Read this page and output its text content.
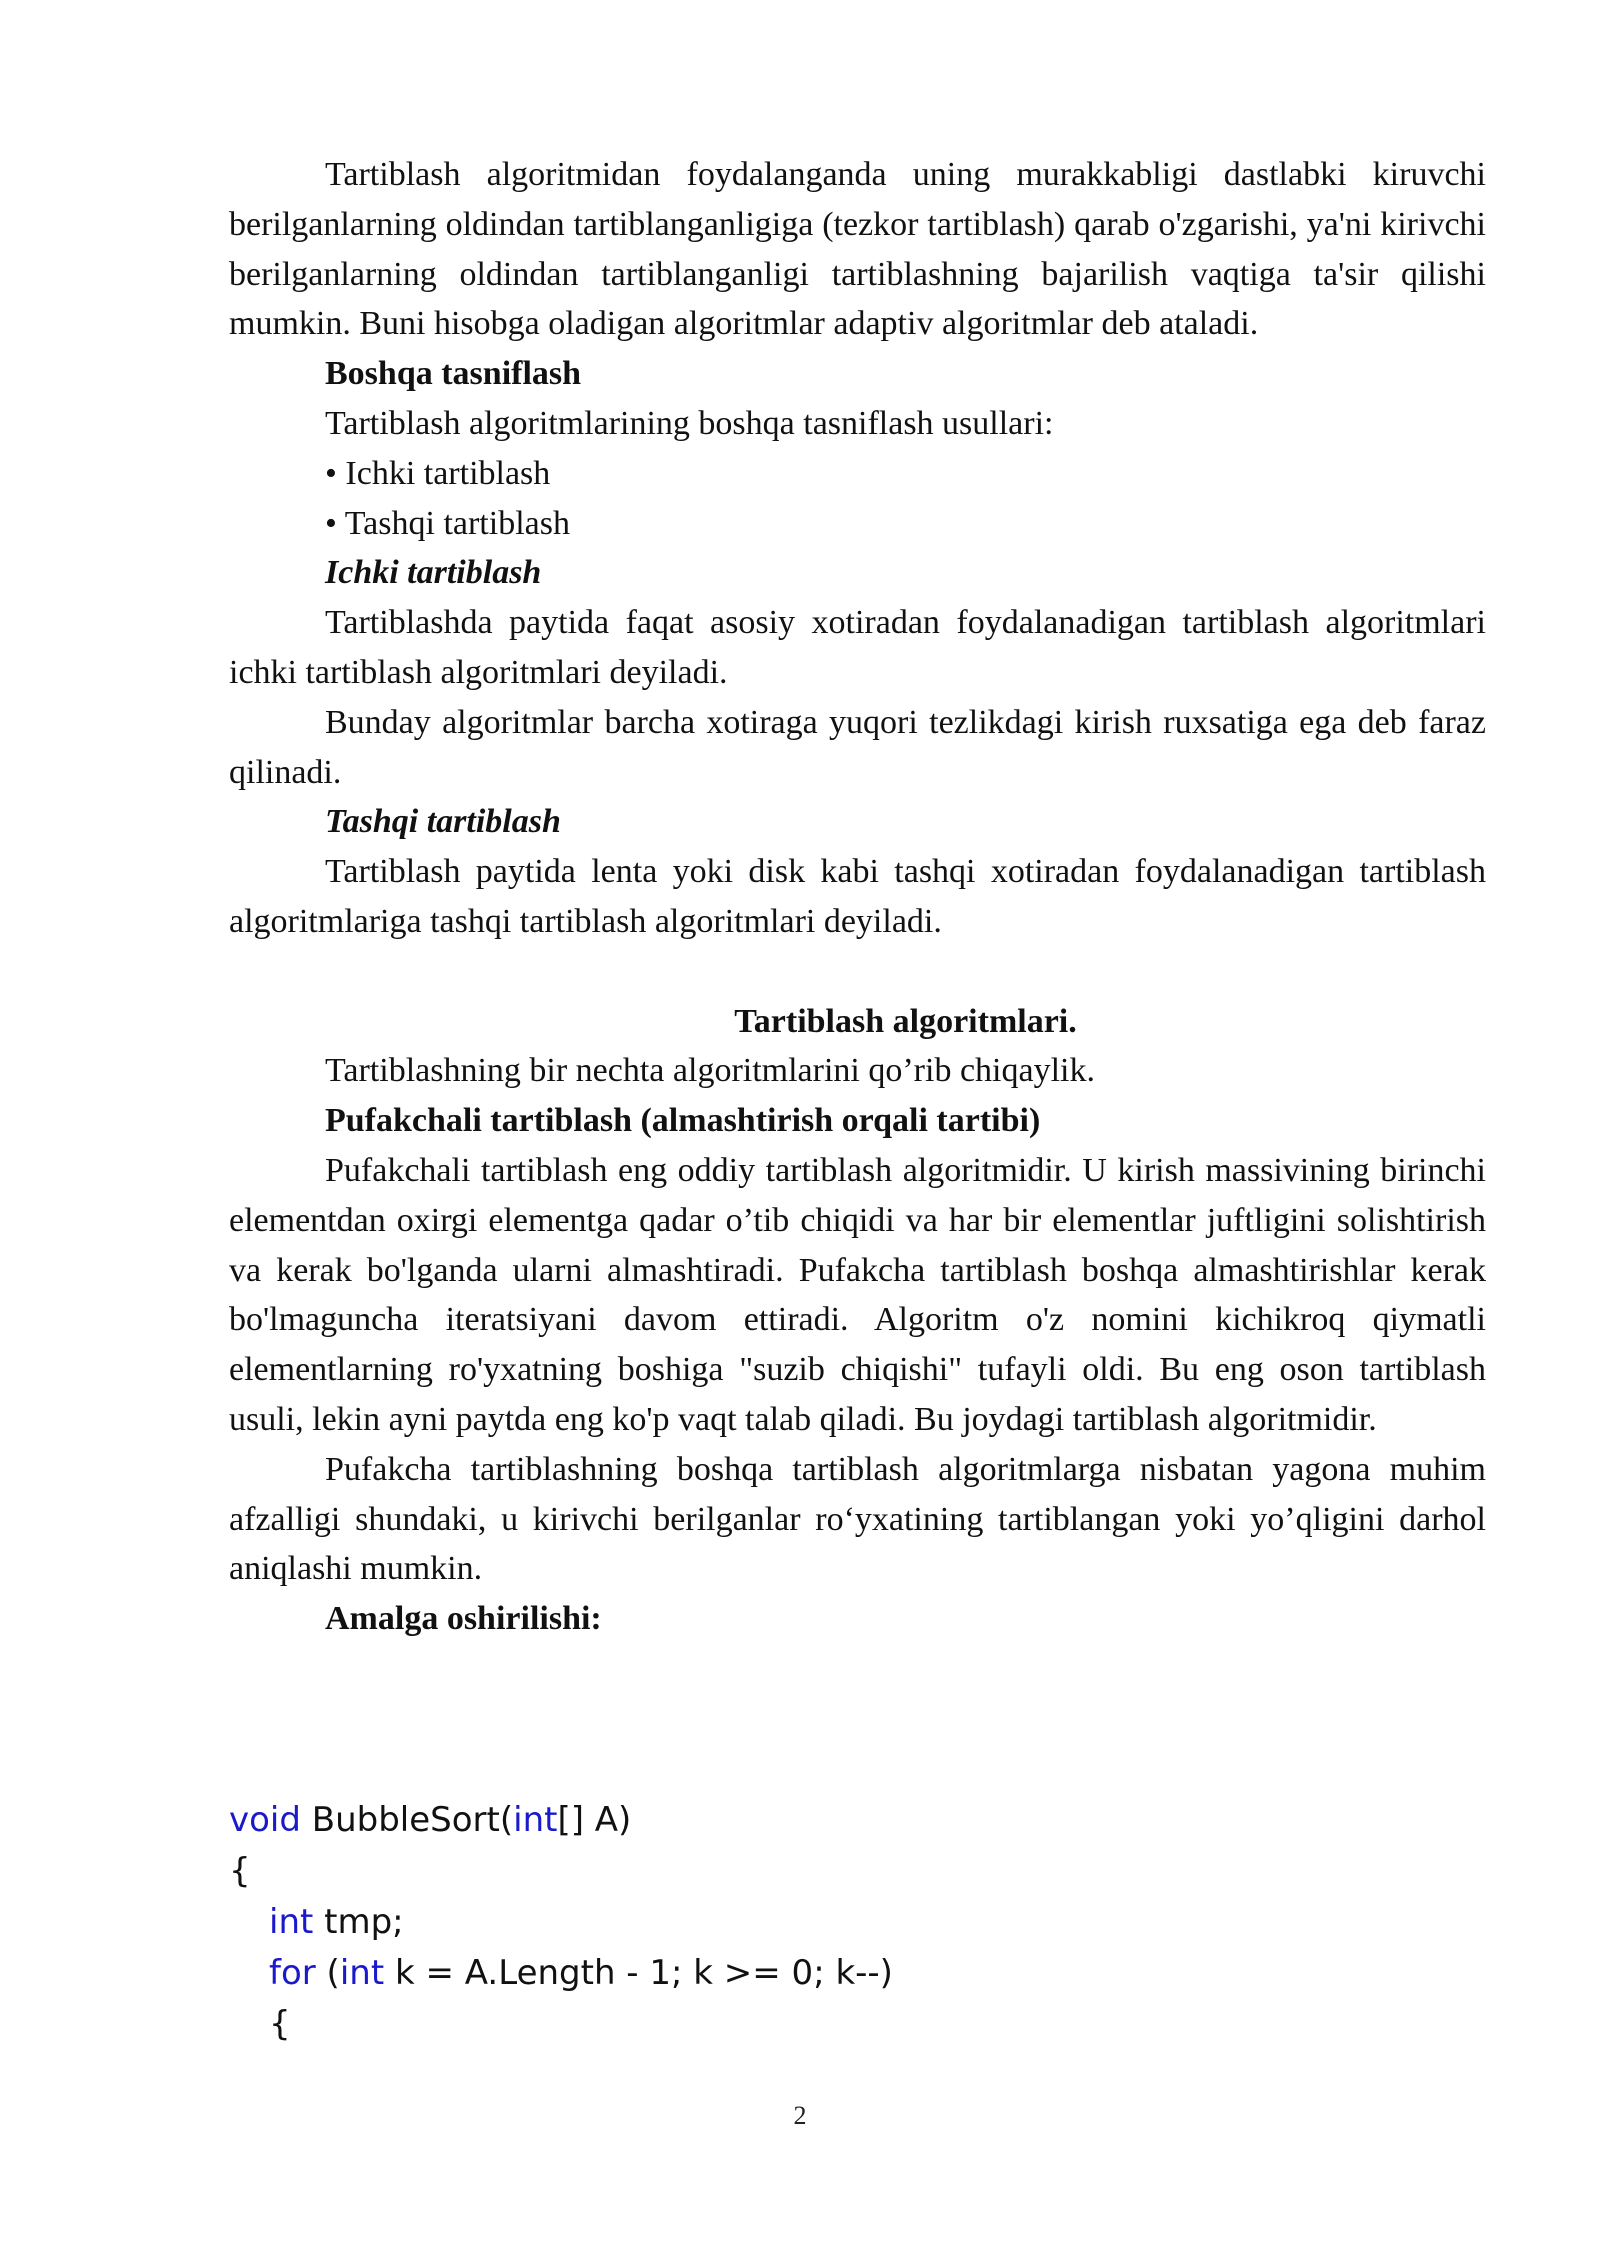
Tartiblash algoritmidan foydalanganda uning murakkabligi dastlabki kiruvchi berilganlarning oldindan tartiblanganligiga (tezkor tartiblash) qarab o'zgarishi, ya'ni kirivchi berilganlarning oldindan tartiblanganligi tartiblashning bajarilish vaqtiga ta'sir qilishi mumkin. Buni hisobga oladigan algoritmlar adaptiv algoritmlar deb ataladi.

Boshqa tasniflash

Tartiblash algoritmlarining boshqa tasniflash usullari:

• Ichki tartiblash

• Tashqi tartiblash

Ichki tartiblash

Tartiblashda paytida faqat asosiy xotiradan foydalanadigan tartiblash algoritmlari ichki tartiblash algoritmlari deyiladi.

Bunday algoritmlar barcha xotiraga yuqori tezlikdagi kirish ruxsatiga ega deb faraz qilinadi.

Tashqi tartiblash

Tartiblash paytida lenta yoki disk kabi tashqi xotiradan foydalanadigan tartiblash algoritmlariga tashqi tartiblash algoritmlari deyiladi.

Tartiblash algoritmlari.

Tartiblashning bir nechta algoritmlarini qo’rib chiqaylik.

Pufakchali tartiblash (almashtirish orqali tartibi)

Pufakchali tartiblash eng oddiy tartiblash algoritmidir. U kirish massivining birinchi elementdan oxirgi elementga qadar o’tib chiqidi va har bir elementlar juftligini solishtirish va kerak bo'lganda ularni almashtiradi. Pufakcha tartiblash boshqa almashtirishlar kerak bo'lmaguncha iteratsiyani davom ettiradi. Algoritm o'z nomini kichikroq qiymatli elementlarning ro'yxatning boshiga "suzib chiqishi" tufayli oldi. Bu eng oson tartiblash usuli, lekin ayni paytda eng ko'p vaqt talab qiladi. Bu joydagi tartiblash algoritmidir.

Pufakcha tartiblashning boshqa tartiblash algoritmlarga nisbatan yagona muhim afzalligi shundaki, u kirivchi berilganlar ro‘yxatining tartiblangan yoki yo’qligini darhol aniqlashi mumkin.

Amalga oshirilishi:

void BubbleSort(int[] A)

{

int tmp;

for (int k = A.Length - 1; k >= 0; k--)

{

2
